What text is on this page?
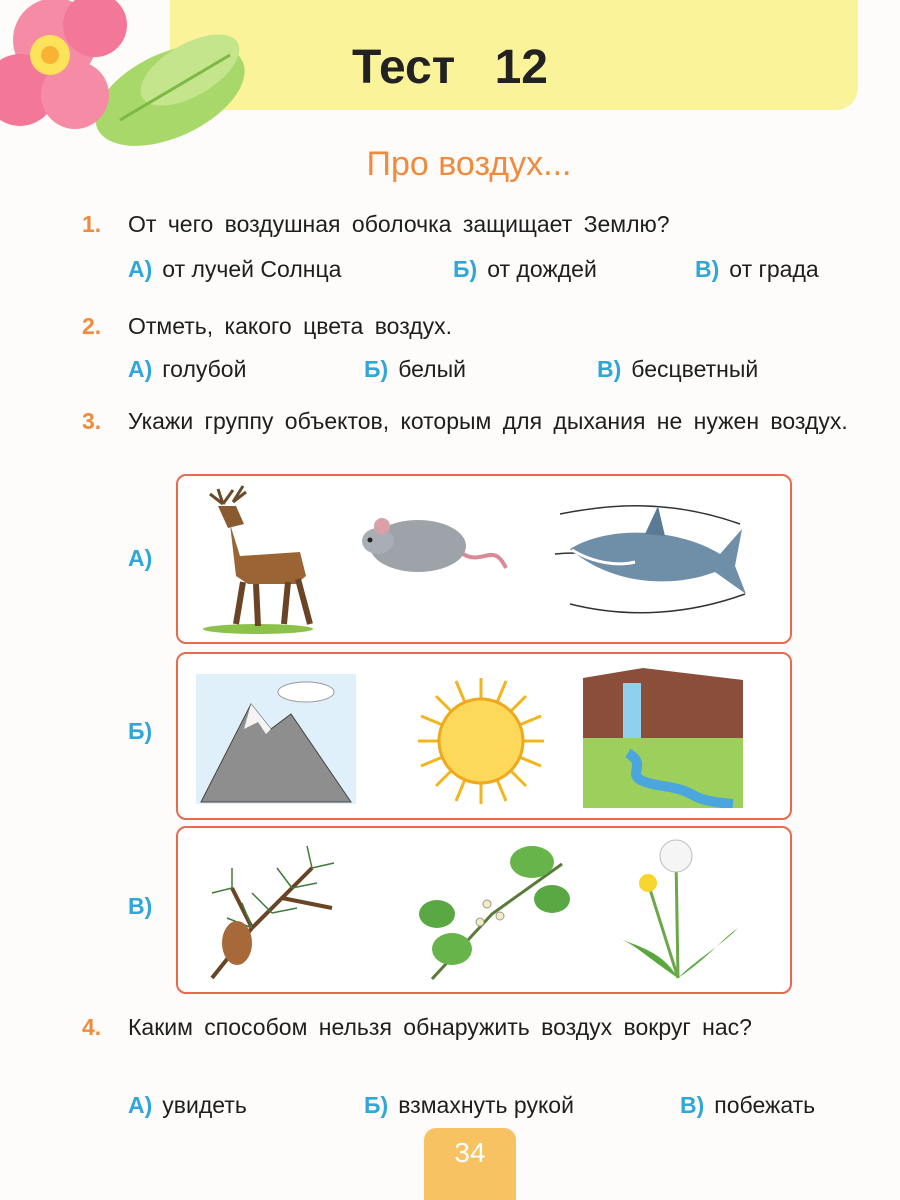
Тест 12
Про воздух...
1. От чего воздушная оболочка защищает Землю?
А) от лучей Солнца	Б) от дождей	В) от града
2. Отметь, какого цвета воздух.
А) голубой	Б) белый	В) бесцветный
3. Укажи группу объектов, которым для дыхания не нужен воздух.
А)
Б)
В)
4. Каким способом нельзя обнаружить воздух вокруг нас?
А) увидеть	Б) взмахнуть рукой	В) побежать
34
